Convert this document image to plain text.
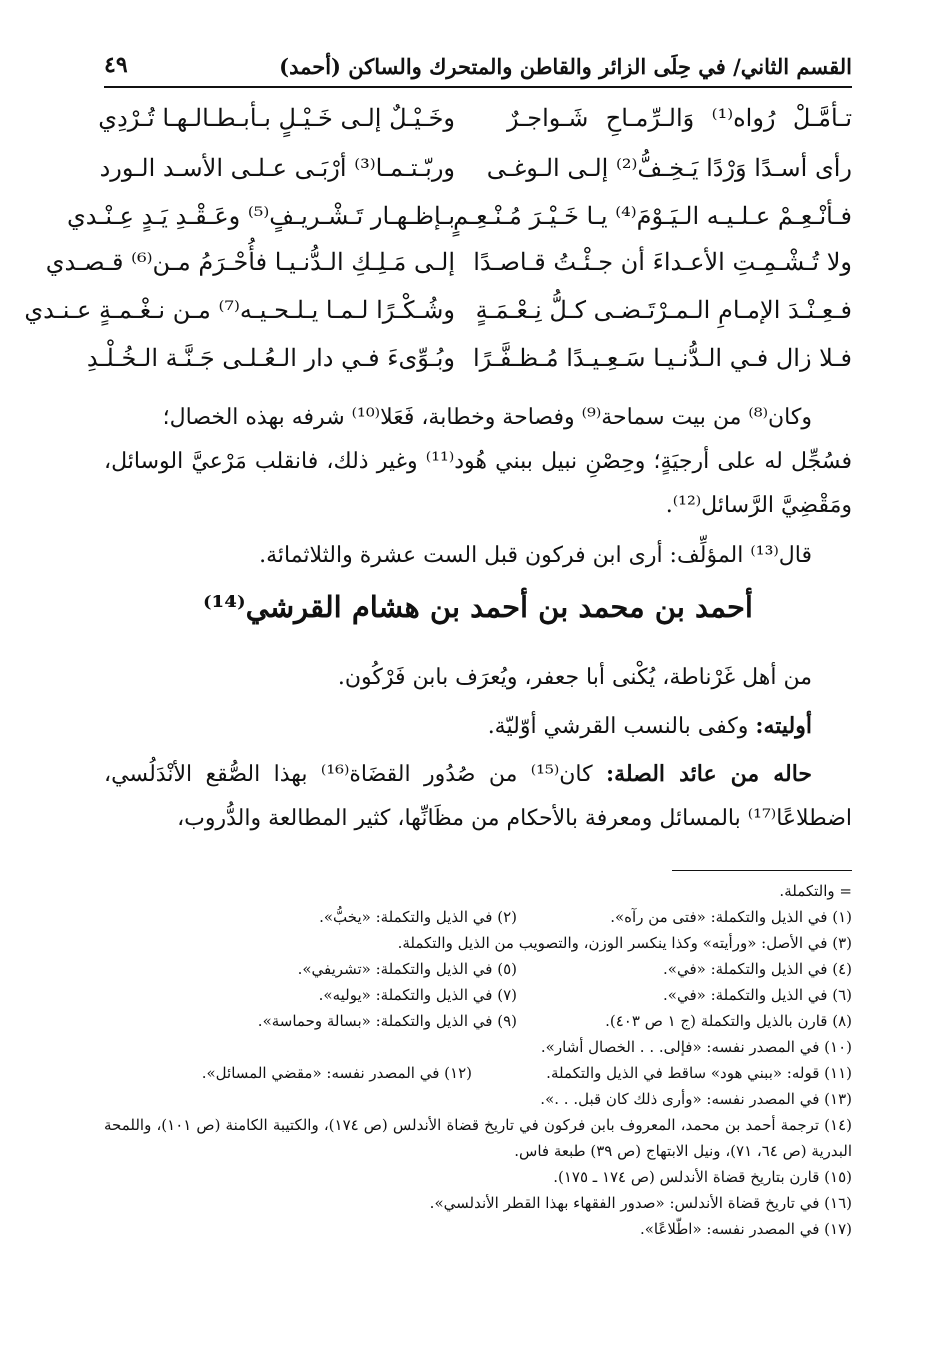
القسم الثاني/ في حِلَى الزائر والقاطن والمتحرك والساكن (أحمد)
٤٩
تـأمَّـلْ رُواه⁽¹⁾ وَالـرِّمـاحِ شَـواجـرٌ
وخَـيْـلٌ إلـى خَـيْـلٍ بـأبـطـالـهـا تُـرْدِي
رأى أسـدًا وَرْدًا يَـخِـفُّ⁽²⁾ إلـى الـوغـى
وربّـتـمـا⁽³⁾ أرْبَـى عـلـى الأسـد الـورد
فـأنْـعِـمْ عـلـيـه الـيَـوْمَ⁽⁴⁾ يـا خَـيْـرَ مُـنْـعِـمٍ
بـإظـهـار تَـشْـريـفٍ⁽⁵⁾ وعَـقْـدِ يَـدٍ عِـنْـدي
ولا تُـشْـمِـتِ الأعـداءَ أن جـئْـتُ قـاصـدًا
إلـى مَـلِـكِ الـدُّنـيـا فأُحْـرَمُ مـن⁽⁶⁾ قـصـدي
فـعِـنْـدَ الإمـامِ الـمـرْتَـضـى كـلُّ نِـعْـمَـةٍ
وشُـكْـرًا لـمـا يـلـحـيـه⁽⁷⁾ مـن نـغْـمـةٍ عـنـدي
فـلا زال فـي الـدُّنـيـا سَـعِـيـدًا مُـظـفَّـرًا
وبُـوِّىءَ فـي دار الـعُـلـى جَـنَّـة الـخُـلْـدِ
وكان⁽⁸⁾ من بيت سماحة⁽⁹⁾ وفصاحة وخطابة، فَعَلا⁽¹⁰⁾ شرفه بهذه الخصال؛
فسُجِّل له على أرجيَةٍ؛ وحِصْنِ نبيل ببني هُود⁽¹¹⁾ وغير ذلك، فانقلب مَرْعيَّ الوسائل،
ومَقْضِيَّ الرَّسائل⁽¹²⁾.
قال⁽¹³⁾ المؤلِّف: أرى ابن فركون قبل الست عشرة والثلاثمائة.
أحمد بن محمد بن أحمد بن هشام القرشي⁽¹⁴⁾
من أهل غَرْناطة، يُكْنى أبا جعفر، ويُعرَف بابن فَرْكُون.
أوليته: وكفى بالنسب القرشي أوّليّة.
حاله من عائد الصلة: كان⁽¹⁵⁾ من صُدُور القضَاة⁽¹⁶⁾ بهذا الصُّقع الأنْدَلُسي، اضطلاعًا⁽¹⁷⁾ بالمسائل ومعرفة بالأحكام من مظَانِّها، كثير المطالعة والدُّروب،
= والتكملة.
(١) في الذيل والتكملة: «فتى من رآه».
(٢) في الذيل والتكملة: «يخبُّ».
(٣) في الأصل: «ورأيته» وكذا ينكسر الوزن، والتصويب من الذيل والتكملة.
(٤) في الذيل والتكملة: «في».
(٥) في الذيل والتكملة: «تشريفي».
(٦) في الذيل والتكملة: «في».
(٧) في الذيل والتكملة: «يوليه».
(٨) قارن بالذيل والتكملة (ج ١ ص ٤٠٣).
(٩) في الذيل والتكملة: «بسالة وحماسة».
(١٠) في المصدر نفسه: «فإلى. . . الخصال أشار».
(١١) قوله: «ببني هود» ساقط في الذيل والتكملة.
(١٢) في المصدر نفسه: «مقضي المسائل».
(١٣) في المصدر نفسه: «وأرى ذلك كان قبل. . .».
(١٤) ترجمة أحمد بن محمد، المعروف بابن فركون في تاريخ قضاة الأندلس (ص ١٧٤)، والكتيبة الكامنة (ص ١٠١)، واللمحة البدرية (ص ٦٤، ٧١)، ونيل الابتهاج (ص ٣٩) طبعة فاس.
(١٥) قارن بتاريخ قضاة الأندلس (ص ١٧٤ ـ ١٧٥).
(١٦) في تاريخ قضاة الأندلس: «صدور الفقهاء بهذا القطر الأندلسي».
(١٧) في المصدر نفسه: «اطّلاعًا».
